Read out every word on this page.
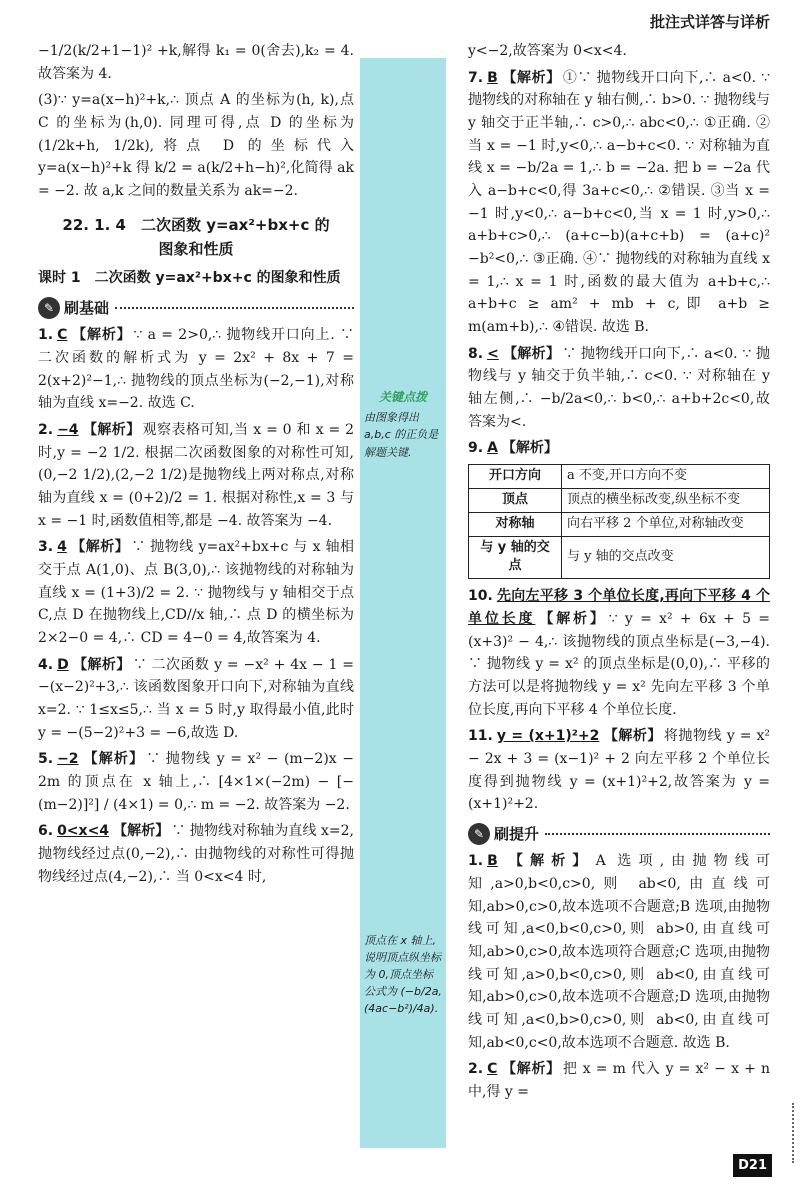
批注式详答与详析

−1/2(k/2+1−1)² +k,解得 k₁ = 0(舍去),k₂ = 4. 故答案为 4.

(3)∵ y=a(x−h)²+k,∴ 顶点 A 的坐标为(h, k),点 C 的坐标为(h,0). 同理可得,点 D 的坐标为(1/2k+h, 1/2k),将点 D 的坐标代入 y=a(x−h)²+k 得 k/2 = a(k/2+h−h)²,化简得 ak = −2. 故 a,k 之间的数量关系为 ak=−2.

22. 1. 4　二次函数 y=ax²+bx+c 的
图象和性质
课时 1　二次函数 y=ax²+bx+c 的图象和性质
✎ 刷基础
1. C 【解析】 ∵ a = 2>0,∴ 抛物线开口向上. ∵ 二次函数的解析式为 y = 2x² + 8x + 7 = 2(x+2)²−1,∴ 抛物线的顶点坐标为(−2,−1),对称轴为直线 x=−2. 故选 C.
2. −4 【解析】 观察表格可知,当 x = 0 和 x = 2 时,y = −2 1/2. 根据二次函数图象的对称性可知,(0,−2 1/2),(2,−2 1/2)是抛物线上两对称点,对称轴为直线 x = (0+2)/2 = 1. 根据对称性,x = 3 与 x = −1 时,函数值相等,都是 −4. 故答案为 −4.
3. 4 【解析】 ∵ 抛物线 y=ax²+bx+c 与 x 轴相交于点 A(1,0)、点 B(3,0),∴ 该抛物线的对称轴为直线 x = (1+3)/2 = 2. ∵ 抛物线与 y 轴相交于点 C,点 D 在抛物线上,CD//x 轴,∴ 点 D 的横坐标为 2×2−0 = 4,∴ CD = 4−0 = 4,故答案为 4.
4. D 【解析】 ∵ 二次函数 y = −x² + 4x − 1 = −(x−2)²+3,∴ 该函数图象开口向下,对称轴为直线 x=2. ∵ 1≤x≤5,∴ 当 x = 5 时,y 取得最小值,此时 y = −(5−2)²+3 = −6,故选 D.
5. −2 【解析】 ∵ 抛物线 y = x² − (m−2)x − 2m 的顶点在 x 轴上,∴ [4×1×(−2m) − [−(m−2)]²] / (4×1) = 0,∴ m = −2. 故答案为 −2.
6. 0<x<4 【解析】 ∵ 抛物线对称轴为直线 x=2,抛物线经过点(0,−2),∴ 由抛物线的对称性可得抛物线经过点(4,−2),∴ 当 0<x<4 时,
关键点拨
由图象得出 a,b,c 的正负是解题关键.
顶点在 x 轴上,说明顶点纵坐标为 0,顶点坐标公式为 (−b/2a, (4ac−b²)/4a).

y<−2,故答案为 0<x<4.

7. B 【解析】 ①∵ 抛物线开口向下,∴ a<0. ∵ 抛物线的对称轴在 y 轴右侧,∴ b>0. ∵ 抛物线与 y 轴交于正半轴,∴ c>0,∴ abc<0,∴ ①正确. ②当 x = −1 时,y<0,∴ a−b+c<0. ∵ 对称轴为直线 x = −b/2a = 1,∴ b = −2a. 把 b = −2a 代入 a−b+c<0,得 3a+c<0,∴ ②错误. ③当 x = −1 时,y<0,∴ a−b+c<0,当 x = 1 时,y>0,∴ a+b+c>0,∴ (a+c−b)(a+c+b) = (a+c)² −b²<0,∴ ③正确. ④∵ 抛物线的对称轴为直线 x = 1,∴ x = 1 时,函数的最大值为 a+b+c,∴ a+b+c ≥ am² + mb + c,即 a+b ≥ m(am+b),∴ ④错误. 故选 B.
8. < 【解析】 ∵ 抛物线开口向下,∴ a<0. ∵ 抛物线与 y 轴交于负半轴,∴ c<0. ∵ 对称轴在 y 轴左侧,∴ −b/2a<0,∴ b<0,∴ a+b+2c<0,故答案为<.
9. A 【解析】
开口方向	a 不变,开口方向不变
顶点	顶点的横坐标改变,纵坐标不变
对称轴	向右平移 2 个单位,对称轴改变
与 y 轴的交点	与 y 轴的交点改变
10. 先向左平移 3 个单位长度,再向下平移 4 个单位长度 【解析】 ∵ y = x² + 6x + 5 = (x+3)² − 4,∴ 该抛物线的顶点坐标是(−3,−4). ∵ 抛物线 y = x² 的顶点坐标是(0,0),∴ 平移的方法可以是将抛物线 y = x² 先向左平移 3 个单位长度,再向下平移 4 个单位长度.
11. y = (x+1)²+2 【解析】 将抛物线 y = x² − 2x + 3 = (x−1)² + 2 向左平移 2 个单位长度得到抛物线 y = (x+1)²+2,故答案为 y = (x+1)²+2.
✎ 刷提升
1. B 【解析】 A 选项,由抛物线可知,a>0,b<0,c>0,则 ab<0,由直线可知,ab>0,c>0,故本选项不合题意;B 选项,由抛物线可知,a<0,b<0,c>0,则 ab>0,由直线可知,ab>0,c>0,故本选项符合题意;C 选项,由抛物线可知,a>0,b<0,c>0,则 ab<0,由直线可知,ab>0,c>0,故本选项不合题意;D 选项,由抛物线可知,a<0,b>0,c>0,则 ab<0,由直线可知,ab<0,c<0,故本选项不合题意. 故选 B.
2. C 【解析】 把 x = m 代入 y = x² − x + n 中,得 y =
D21
